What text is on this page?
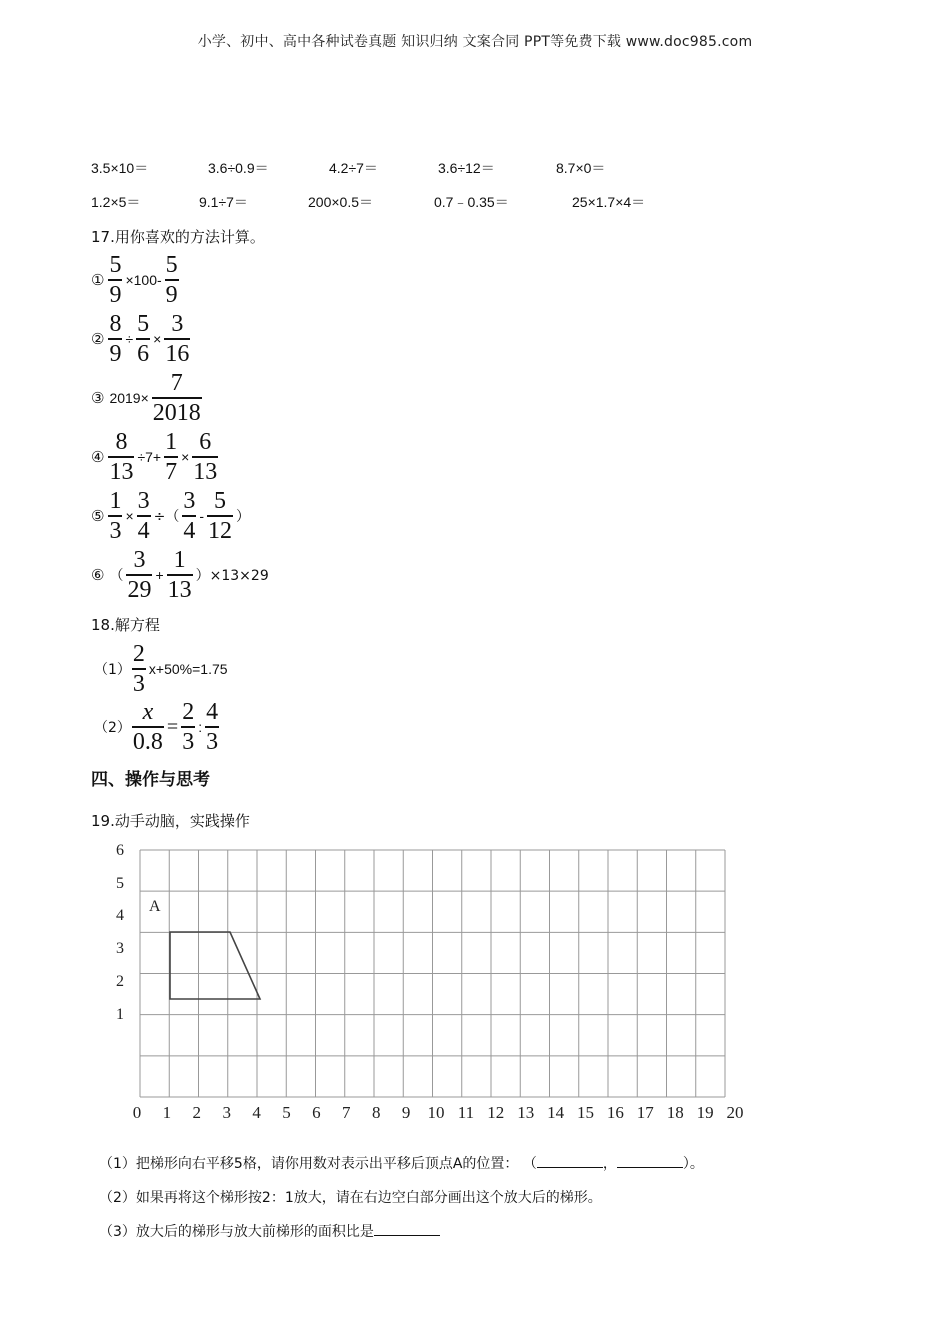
小学、初中、高中各种试卷真题 知识归纳 文案合同 PPT等免费下载 www.doc985.com
3.5×10＝	3.6÷0.9＝	4.2÷7＝	3.6÷12＝	8.7×0＝
1.2×5＝	9.1÷7＝	200×0.5＝	0.7﹣0.35＝	25×1.7×4＝
17.用你喜欢的方法计算。
① $\frac{5}{9} \times 100- \frac{5}{9}$
② $\frac{8}{9} \div \frac{5}{6} \times \frac{3}{16}$
③ $2019\times \frac{7}{2018}$
④ $\frac{8}{13} \div 7+ \frac{1}{7} \times \frac{6}{13}$
⑤ $\frac{1}{3} \times \frac{3}{4}$ ÷（ $\frac{3}{4} - \frac{5}{12}$ ）
⑥ （ $\frac{3}{29} + \frac{1}{13} )\times 13\times 29$
18.解方程
$(1) \frac{2}{3} x+50\%=1.75$
$(2) \frac{x}{0.8} = \frac{2}{3}$ : $\frac{4}{3}$
四、操作与思考
19.动手动脑，实践操作
6
5
4
3
2
1
0 1 2 3 4 5 6 7 8 9 10 11 12 13 14 15 16 17 18 19 20
A
（1）把梯形向右平移5格，请你用数对表示出平移后顶点A的位置： （	，	）。
（2）如果再将这个梯形按2：1放大，请在右边空白部分画出这个放大后的梯形。
（3）放大后的梯形与放大前梯形的面积比是
